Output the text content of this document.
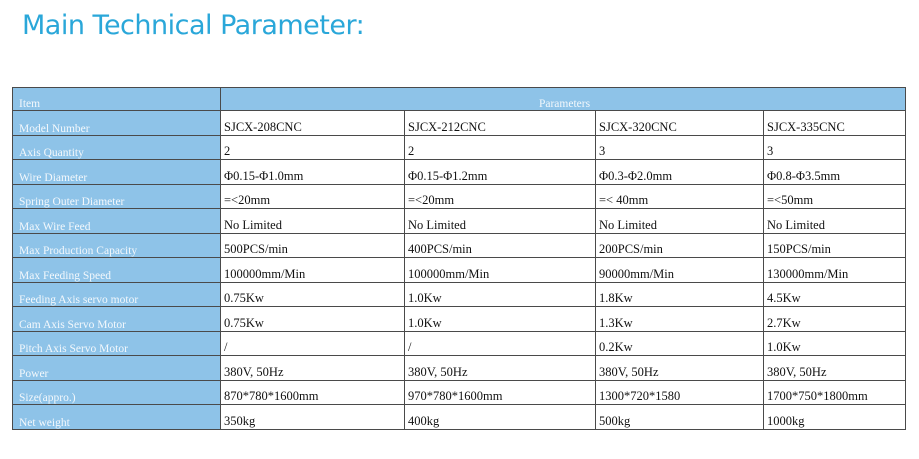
Main Technical Parameter:
Item	Parameters			
Model Number	SJCX-208CNC	SJCX-212CNC	SJCX-320CNC	SJCX-335CNC
Axis Quantity	2	2	3	3
Wire Diameter	Φ0.15-Φ1.0mm	Φ0.15-Φ1.2mm	Φ0.3-Φ2.0mm	Φ0.8-Φ3.5mm
Spring Outer Diameter	=<20mm	=<20mm	=< 40mm	=<50mm
Max Wire Feed	No Limited	No Limited	No Limited	No Limited
Max Production Capacity	500PCS/min	400PCS/min	200PCS/min	150PCS/min
Max Feeding Speed	100000mm/Min	100000mm/Min	90000mm/Min	130000mm/Min
Feeding Axis servo motor	0.75Kw	1.0Kw	1.8Kw	4.5Kw
Cam Axis Servo Motor	0.75Kw	1.0Kw	1.3Kw	2.7Kw
Pitch Axis Servo Motor	/	/	0.2Kw	1.0Kw
Power	380V, 50Hz	380V, 50Hz	380V, 50Hz	380V, 50Hz
Size(appro.)	870*780*1600mm	970*780*1600mm	1300*720*1580	1700*750*1800mm
Net weight	350kg	400kg	500kg	1000kg
